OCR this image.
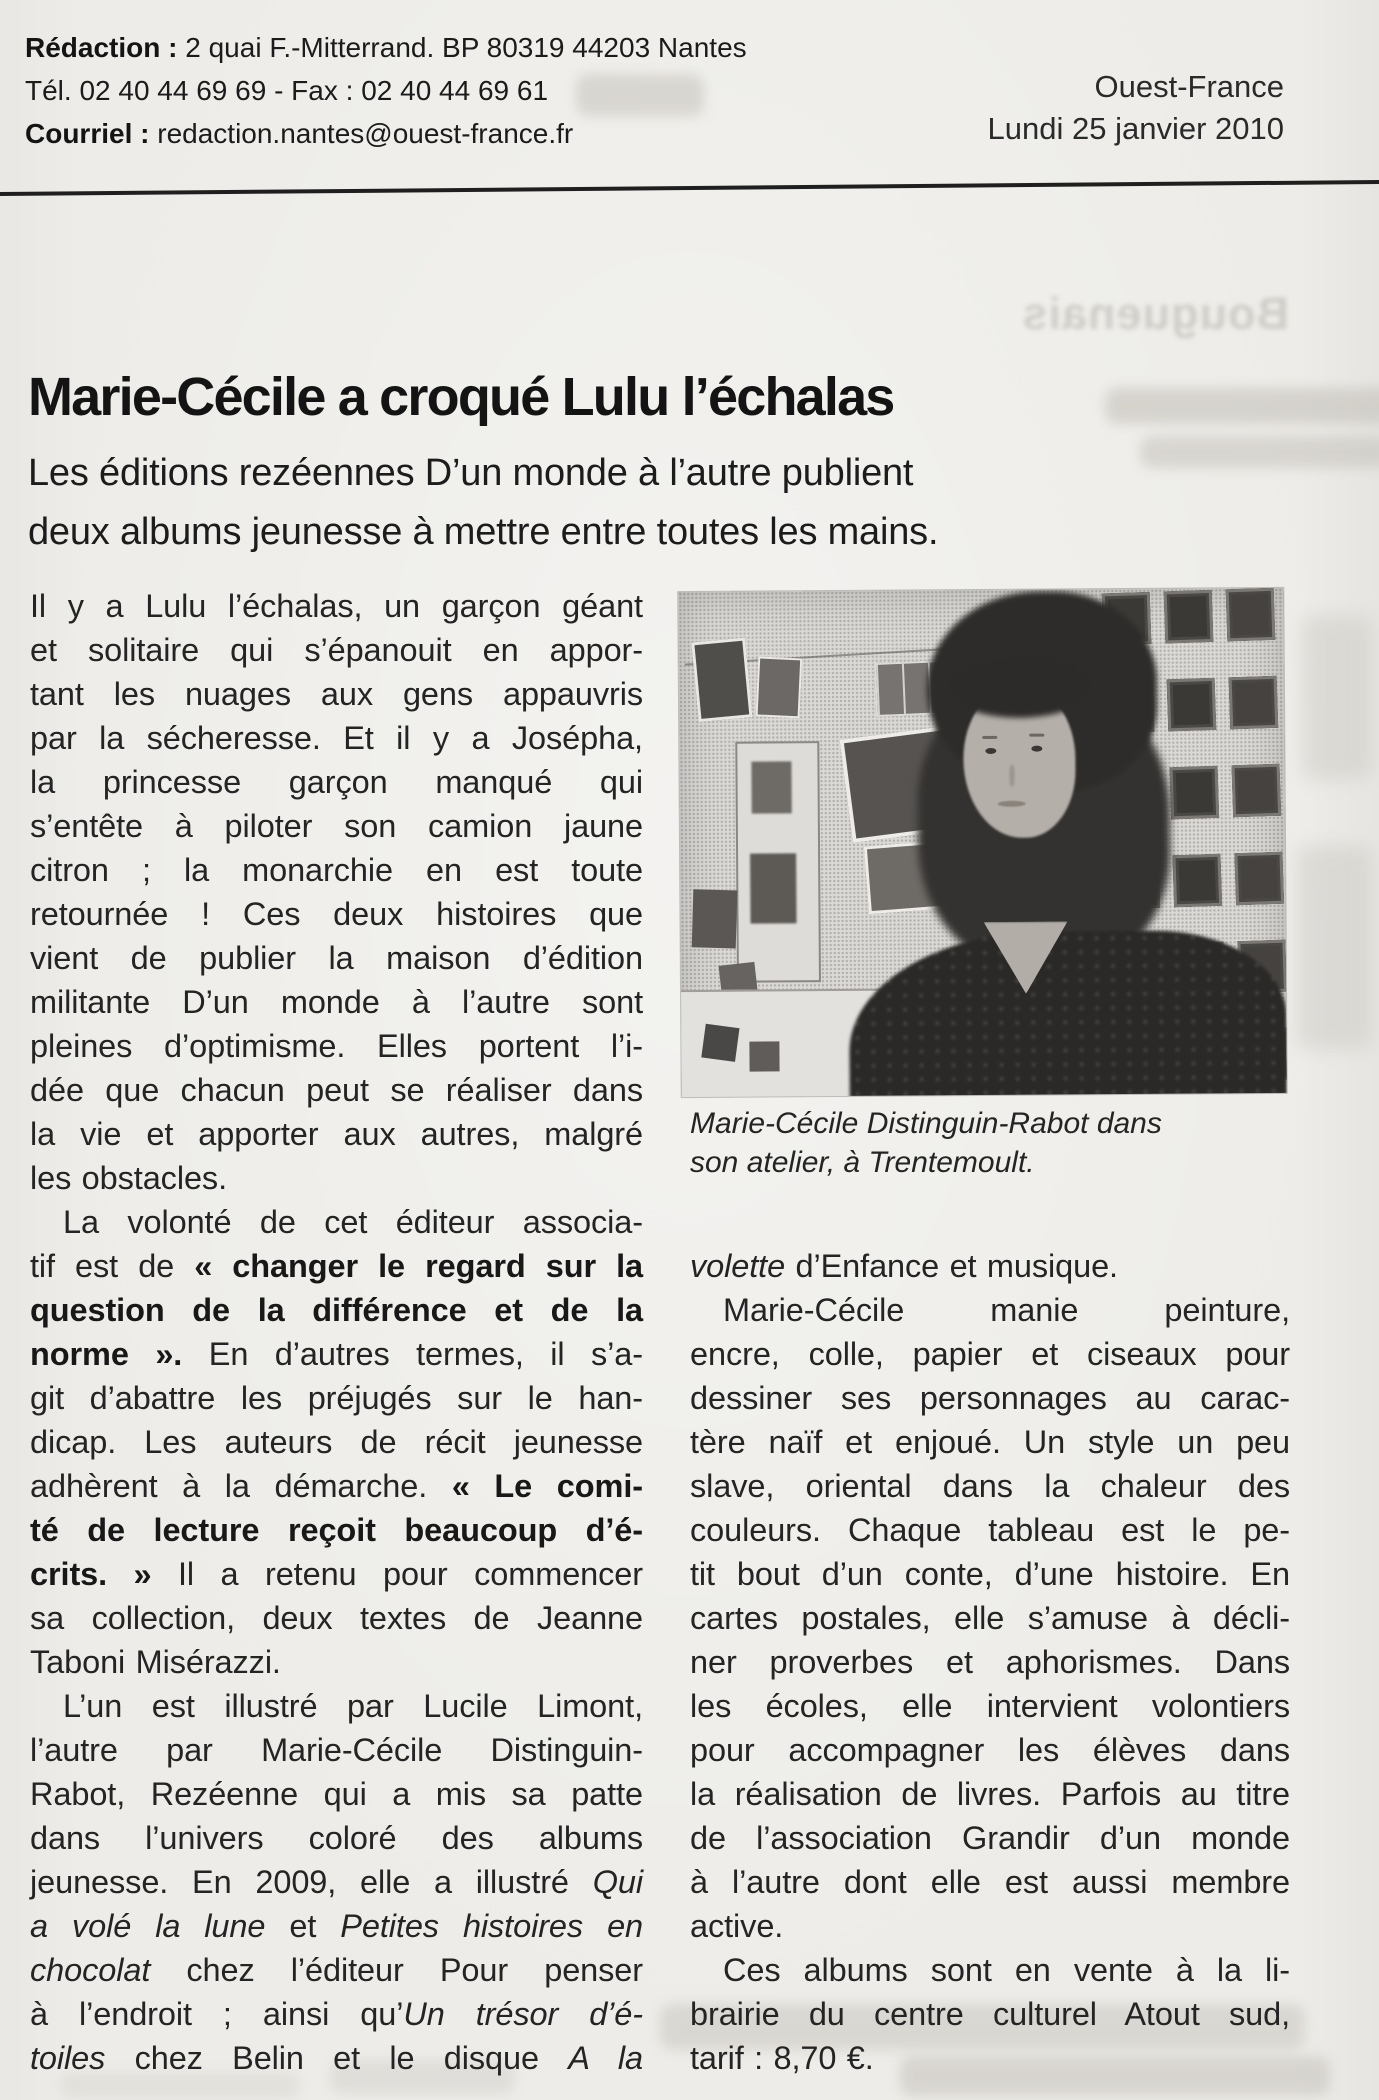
Rédaction : 2 quai F.-Mitterrand. BP 80319 44203 Nantes
Tél. 02 40 44 69 69 - Fax : 02 40 44 69 61
Courriel : redaction.nantes@ouest-france.fr
Ouest-France
Lundi 25 janvier 2010
Bouguenais
Marie-Cécile a croqué Lulu l’échalas
Les éditions rezéennes D’un monde à l’autre publient
deux albums jeunesse à mettre entre toutes les mains.
Il y a Lulu l’échalas, un garçon géant
et solitaire qui s’épanouit en appor-
tant les nuages aux gens appauvris
par la sécheresse. Et il y a Josépha,
la princesse garçon manqué qui
s’entête à piloter son camion jaune
citron ; la monarchie en est toute
retournée ! Ces deux histoires que
vient de publier la maison d’édition
militante D’un monde à l’autre sont
pleines d’optimisme. Elles portent l’i-
dée que chacun peut se réaliser dans
la vie et apporter aux autres, malgré
les obstacles.
La volonté de cet éditeur associa-
tif est de « changer le regard sur la
question de la différence et de la
norme ». En d’autres termes, il s’a-
git d’abattre les préjugés sur le han-
dicap. Les auteurs de récit jeunesse
adhèrent à la démarche. « Le comi-
té de lecture reçoit beaucoup d’é-
crits. » Il a retenu pour commencer
sa collection, deux textes de Jeanne
Taboni Misérazzi.
L’un est illustré par Lucile Limont,
l’autre par Marie-Cécile Distinguin-
Rabot, Rezéenne qui a mis sa patte
dans l’univers coloré des albums
jeunesse. En 2009, elle a illustré Qui
a volé la lune et Petites histoires en
chocolat chez l’éditeur Pour penser
à l’endroit ; ainsi qu’Un trésor d’é-
toiles chez Belin et le disque A la
volette d’Enfance et musique.
Marie-Cécile manie peinture,
encre, colle, papier et ciseaux pour
dessiner ses personnages au carac-
tère naïf et enjoué. Un style un peu
slave, oriental dans la chaleur des
couleurs. Chaque tableau est le pe-
tit bout d’un conte, d’une histoire. En
cartes postales, elle s’amuse à décli-
ner proverbes et aphorismes. Dans
les écoles, elle intervient volontiers
pour accompagner les élèves dans
la réalisation de livres. Parfois au titre
de l’association Grandir d’un monde
à l’autre dont elle est aussi membre
active.
Ces albums sont en vente à la li-
brairie du centre culturel Atout sud,
tarif : 8,70 €.
Marie-Cécile Distinguin-Rabot dans
son atelier, à Trentemoult.
